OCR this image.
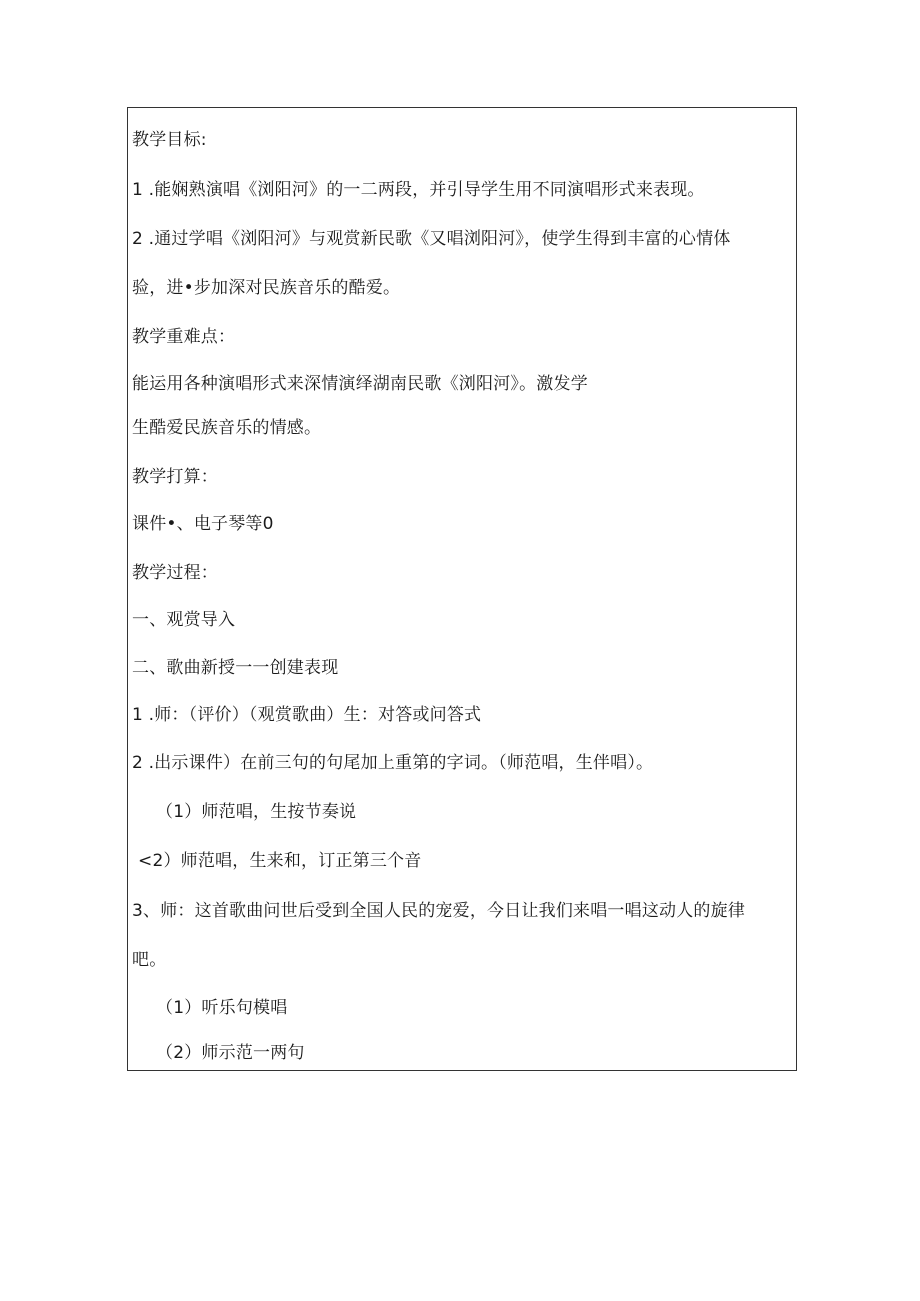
教学目标:
1 .能娴熟演唱《浏阳河》的一二两段，并引导学生用不同演唱形式来表现。
2 .通过学唱《浏阳河》与观赏新民歌《又唱浏阳河》，使学生得到丰富的心情体
验，进•步加深对民族音乐的酷爱。
教学重难点：
能运用各种演唱形式来深情演绎湖南民歌《浏阳河》。激发学
生酷爱民族音乐的情感。
教学打算：
课件•、电子琴等0
教学过程：
一、观赏导入
二、歌曲新授一一创建表现
1 .师：（评价）（观赏歌曲）生：对答或问答式
2 .出示课件）在前三句的句尾加上重第的字词。（师范唱，生伴唱）。
（1）师范唱，生按节奏说
<2）师范唱，生来和，订正第三个音
3、师：这首歌曲问世后受到全国人民的宠爱，今日让我们来唱一唱这动人的旋律
吧。
（1）听乐句模唱
（2）师示范一两句
